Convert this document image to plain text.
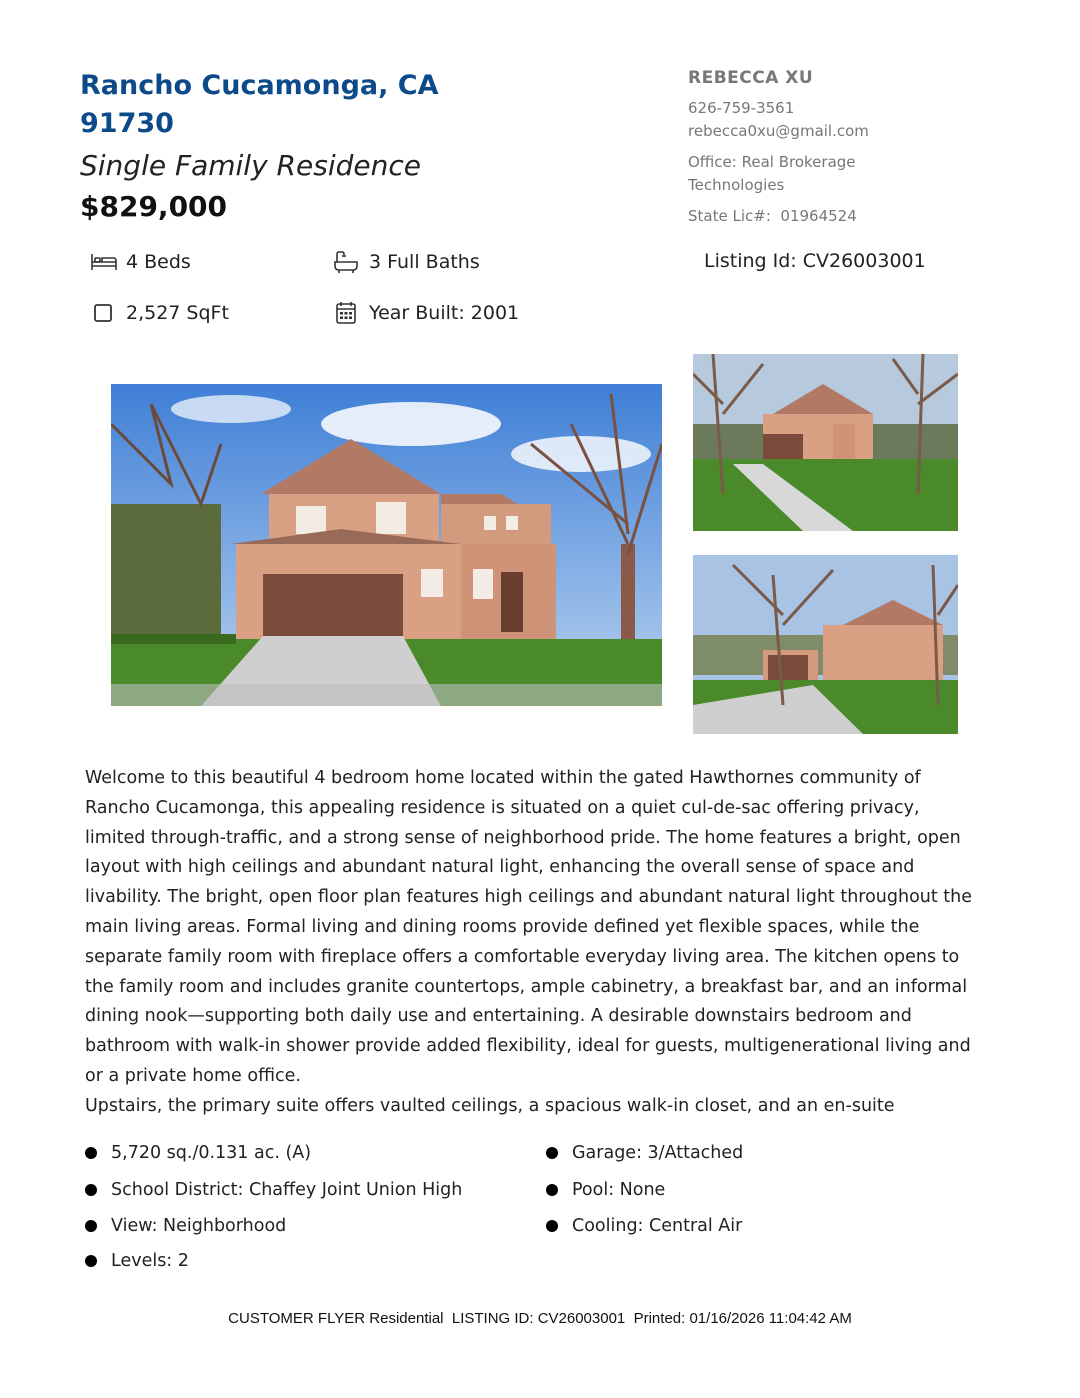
Rancho Cucamonga, CA 91730
Single Family Residence
$829,000
REBECCA XU
626-759-3561
rebecca0xu@gmail.com
Office: Real Brokerage Technologies
State Lic#:  01964524
4 Beds	3 Full Baths	Listing Id: CV26003001
2,527 SqFt	Year Built: 2001

Welcome to this beautiful 4 bedroom home located within the gated Hawthornes community of Rancho Cucamonga, this appealing residence is situated on a quiet cul-de-sac offering privacy, limited through-traffic, and a strong sense of neighborhood pride. The home features a bright, open layout with high ceilings and abundant natural light, enhancing the overall sense of space and livability. The bright, open floor plan features high ceilings and abundant natural light throughout the main living areas. Formal living and dining rooms provide defined yet flexible spaces, while the separate family room with fireplace offers a comfortable everyday living area. The kitchen opens to the family room and includes granite countertops, ample cabinetry, a breakfast bar, and an informal dining nook—supporting both daily use and entertaining. A desirable downstairs bedroom and bathroom with walk-in shower provide added flexibility, ideal for guests, multigenerational living and or a private home office.

Upstairs, the primary suite offers vaulted ceilings, a spacious walk-in closet, and an en-suite

5,720 sq./0.131 ac. (A)
School District: Chaffey Joint Union High
View: Neighborhood
Levels: 2
Garage: 3/Attached
Pool: None
Cooling: Central Air
CUSTOMER FLYER Residential  LISTING ID: CV26003001  Printed: 01/16/2026 11:04:42 AM
